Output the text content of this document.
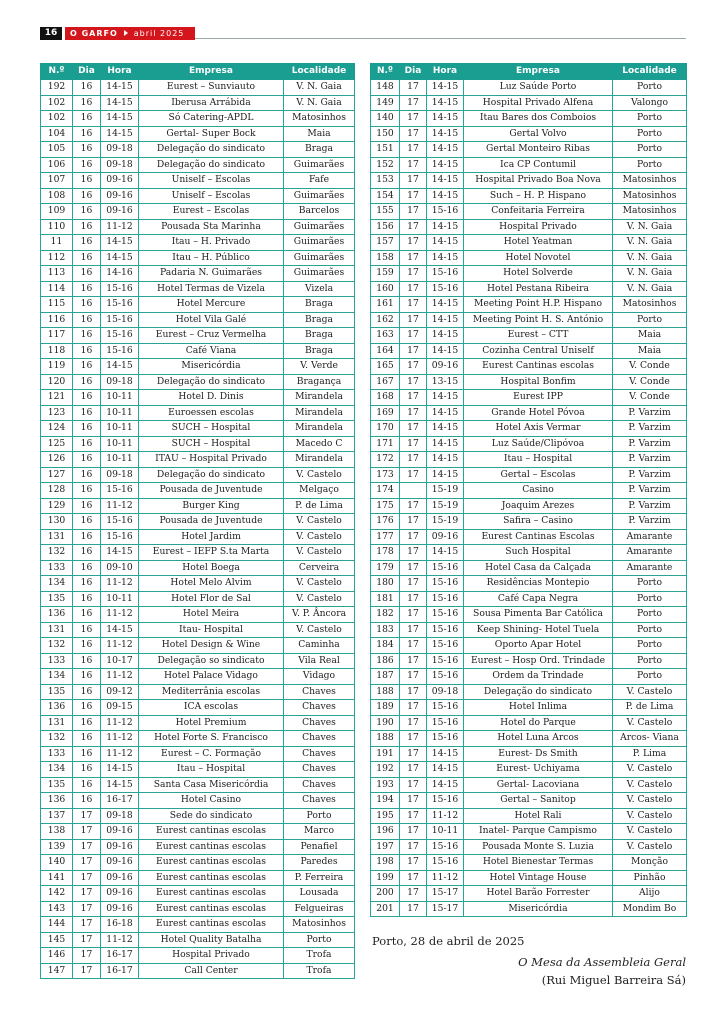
16	O GARFO abril 2025
N.º	Dia	Hora	Empresa	Localidade
192	16	14-15	Eurest – Sunviauto	V. N. Gaia
102	16	14-15	Iberusa Arrábida	V. N. Gaia
102	16	14-15	Só Catering-APDL	Matosinhos
104	16	14-15	Gertal- Super Bock	Maia
105	16	09-18	Delegação do sindicato	Braga
106	16	09-18	Delegação do sindicato	Guimarães
107	16	09-16	Uniself – Escolas	Fafe
108	16	09-16	Uniself – Escolas	Guimarães
109	16	09-16	Eurest – Escolas	Barcelos
110	16	11-12	Pousada Sta Marinha	Guimarães
11	16	14-15	Itau – H. Privado	Guimarães
112	16	14-15	Itau – H. Público	Guimarães
113	16	14-16	Padaria N. Guimarães	Guimarães
114	16	15-16	Hotel Termas de Vizela	Vizela
115	16	15-16	Hotel Mercure	Braga
116	16	15-16	Hotel Vila Galé	Braga
117	16	15-16	Eurest – Cruz Vermelha	Braga
118	16	15-16	Café Viana	Braga
119	16	14-15	Misericórdia	V. Verde
120	16	09-18	Delegação do sindicato	Bragança
121	16	10-11	Hotel D. Dinis	Mirandela
123	16	10-11	Euroessen escolas	Mirandela
124	16	10-11	SUCH – Hospital	Mirandela
125	16	10-11	SUCH – Hospital	Macedo C
126	16	10-11	ITAU – Hospital Privado	Mirandela
127	16	09-18	Delegação do sindicato	V. Castelo
128	16	15-16	Pousada de Juventude	Melgaço
129	16	11-12	Burger King	P. de Lima
130	16	15-16	Pousada de Juventude	V. Castelo
131	16	15-16	Hotel Jardim	V. Castelo
132	16	14-15	Eurest – IEFP S.ta Marta	V. Castelo
133	16	09-10	Hotel Boega	Cerveira
134	16	11-12	Hotel Melo Alvim	V. Castelo
135	16	10-11	Hotel Flor de Sal	V. Castelo
136	16	11-12	Hotel Meira	V. P. Âncora
131	16	14-15	Itau- Hospital	V. Castelo
132	16	11-12	Hotel Design & Wine	Caminha
133	16	10-17	Delegação so sindicato	Vila Real
134	16	11-12	Hotel Palace Vidago	Vidago
135	16	09-12	Mediterrânia escolas	Chaves
136	16	09-15	ICA escolas	Chaves
131	16	11-12	Hotel Premium	Chaves
132	16	11-12	Hotel Forte S. Francisco	Chaves
133	16	11-12	Eurest – C. Formação	Chaves
134	16	14-15	Itau – Hospital	Chaves
135	16	14-15	Santa Casa Misericórdia	Chaves
136	16	16-17	Hotel Casino	Chaves
137	17	09-18	Sede do sindicato	Porto
138	17	09-16	Eurest cantinas escolas	Marco
139	17	09-16	Eurest cantinas escolas	Penafiel
140	17	09-16	Eurest cantinas escolas	Paredes
141	17	09-16	Eurest cantinas escolas	P. Ferreira
142	17	09-16	Eurest cantinas escolas	Lousada
143	17	09-16	Eurest cantinas escolas	Felgueiras
144	17	16-18	Eurest cantinas escolas	Matosinhos
145	17	11-12	Hotel Quality Batalha	Porto
146	17	16-17	Hospital Privado	Trofa
147	17	16-17	Call Center	Trofa
N.º	Dia	Hora	Empresa	Localidade
148	17	14-15	Luz Saúde Porto	Porto
149	17	14-15	Hospital Privado Alfena	Valongo
140	17	14-15	Itau Bares dos Comboios	Porto
150	17	14-15	Gertal Volvo	Porto
151	17	14-15	Gertal Monteiro Ribas	Porto
152	17	14-15	Ica CP Contumil	Porto
153	17	14-15	Hospital Privado Boa Nova	Matosinhos
154	17	14-15	Such – H. P. Hispano	Matosinhos
155	17	15-16	Confeitaria Ferreira	Matosinhos
156	17	14-15	Hospital Privado	V. N. Gaia
157	17	14-15	Hotel Yeatman	V. N. Gaia
158	17	14-15	Hotel Novotel	V. N. Gaia
159	17	15-16	Hotel Solverde	V. N. Gaia
160	17	15-16	Hotel Pestana Ribeira	V. N. Gaia
161	17	14-15	Meeting Point H.P. Hispano	Matosinhos
162	17	14-15	Meeting Point H. S. António	Porto
163	17	14-15	Eurest – CTT	Maia
164	17	14-15	Cozinha Central Uniself	Maia
165	17	09-16	Eurest Cantinas escolas	V. Conde
167	17	13-15	Hospital Bonfim	V. Conde
168	17	14-15	Eurest IPP	V. Conde
169	17	14-15	Grande Hotel Póvoa	P. Varzim
170	17	14-15	Hotel Axis Vermar	P. Varzim
171	17	14-15	Luz Saúde/Clipóvoa	P. Varzim
172	17	14-15	Itau – Hospital	P. Varzim
173	17	14-15	Gertal – Escolas	P. Varzim
174		15-19	Casino	P. Varzim
175	17	15-19	Joaquim Arezes	P. Varzim
176	17	15-19	Safira – Casino	P. Varzim
177	17	09-16	Eurest Cantinas Escolas	Amarante
178	17	14-15	Such Hospital	Amarante
179	17	15-16	Hotel Casa da Calçada	Amarante
180	17	15-16	Residências Montepio	Porto
181	17	15-16	Café Capa Negra	Porto
182	17	15-16	Sousa Pimenta Bar Católica	Porto
183	17	15-16	Keep Shining- Hotel Tuela	Porto
184	17	15-16	Oporto Apar Hotel	Porto
186	17	15-16	Eurest – Hosp Ord. Trindade	Porto
187	17	15-16	Ordem da Trindade	Porto
188	17	09-18	Delegação do sindicato	V. Castelo
189	17	15-16	Hotel Inlima	P. de Lima
190	17	15-16	Hotel do Parque	V. Castelo
188	17	15-16	Hotel Luna Arcos	Arcos- Viana
191	17	14-15	Eurest- Ds Smith	P. Lima
192	17	14-15	Eurest- Uchiyama	V. Castelo
193	17	14-15	Gertal- Lacoviana	V. Castelo
194	17	15-16	Gertal – Sanitop	V. Castelo
195	17	11-12	Hotel Rali	V. Castelo
196	17	10-11	Inatel- Parque Campismo	V. Castelo
197	17	15-16	Pousada Monte S. Luzia	V. Castelo
198	17	15-16	Hotel Bienestar Termas	Monção
199	17	11-12	Hotel Vintage House	Pinhão
200	17	15-17	Hotel Barão Forrester	Alijo
201	17	15-17	Misericórdia	Mondim Bo
Porto, 28 de abril de 2025
O Mesa da Assembleia Geral
(Rui Miguel Barreira Sá)
